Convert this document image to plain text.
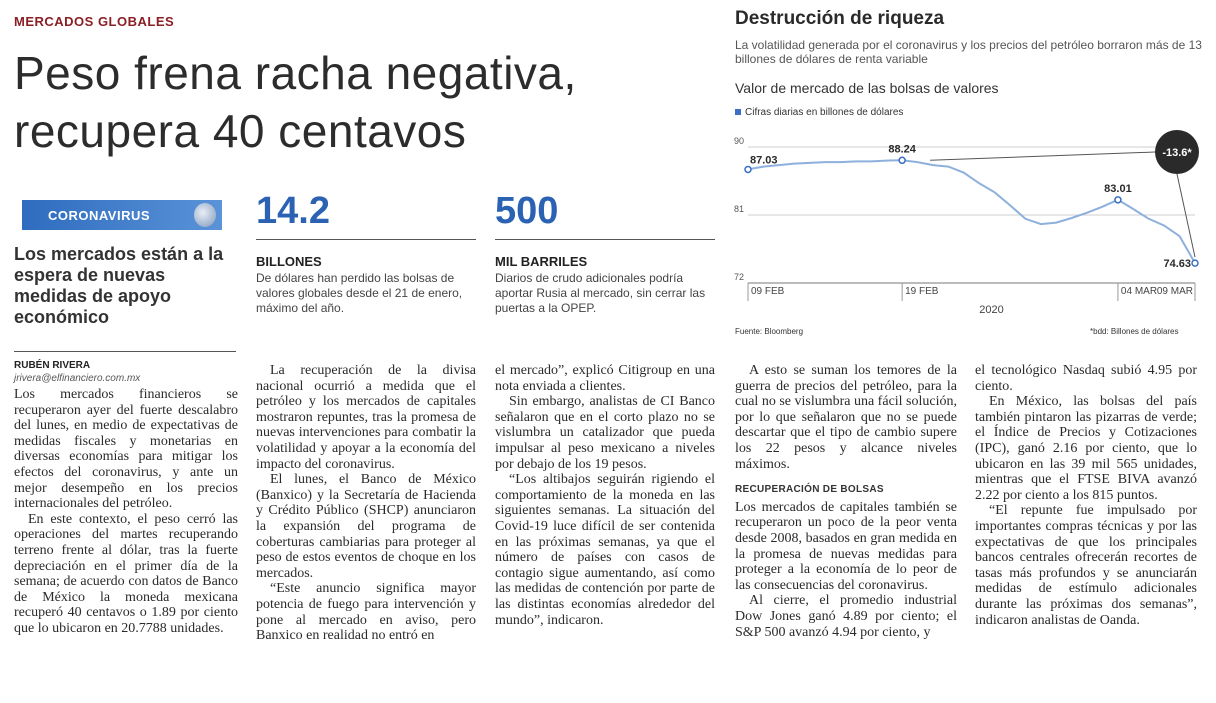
MERCADOS GLOBALES
Peso frena racha negativa,
recupera 40 centavos
CORONAVIRUS
Los mercados están a la espera de nuevas medidas de apoyo económico
14.2
BILLONES
De dólares han perdido las bolsas de valores globales desde el 21 de enero, máximo del año.
500
MIL BARRILES
Diarios de crudo adicionales podría aportar Rusia al mercado, sin cerrar las puertas a la OPEP.
RUBÉN RIVERA
jrivera@elfinanciero.com.mx

Los mercados financieros se recuperaron ayer del fuerte descalabro del lunes, en medio de expectativas de medidas fiscales y monetarias en diversas economías para mitigar los efectos del coronavirus, y ante un mejor desempeño en los precios internacionales del petróleo.

En este contexto, el peso cerró las operaciones del martes recuperando terreno frente al dólar, tras la fuerte depreciación en el primer día de la semana; de acuerdo con datos de Banco de México la moneda mexicana recuperó 40 centavos o 1.89 por ciento que lo ubicaron en 20.7788 unidades.

La recuperación de la divisa nacional ocurrió a medida que el petróleo y los mercados de capitales mostraron repuntes, tras la promesa de nuevas intervenciones para combatir la volatilidad y apoyar a la economía del impacto del coronavirus.

El lunes, el Banco de México (Banxico) y la Secretaría de Hacienda y Crédito Público (SHCP) anunciaron la expansión del programa de coberturas cambiarias para proteger al peso de estos eventos de choque en los mercados.

“Este anuncio significa mayor potencia de fuego para intervención y pone al mercado en aviso, pero Banxico en realidad no entró en

el mercado”, explicó Citigroup en una nota enviada a clientes.

Sin embargo, analistas de CI Banco señalaron que en el corto plazo no se vislumbra un catalizador que pueda impulsar al peso mexicano a niveles por debajo de los 19 pesos.

“Los altibajos seguirán rigiendo el comportamiento de la moneda en las siguientes semanas. La situación del Covid-19 luce difícil de ser contenida en las próximas semanas, ya que el número de países con casos de contagio sigue aumentando, así como las medidas de contención por parte de las distintas economías alrededor del mundo”, indicaron.

A esto se suman los temores de la guerra de precios del petróleo, para la cual no se vislumbra una fácil solución, por lo que señalaron que no se puede descartar que el tipo de cambio supere los 22 pesos y alcance niveles máximos.

RECUPERACIÓN DE BOLSAS

Los mercados de capitales también se recuperaron un poco de la peor venta desde 2008, basados en gran medida en la promesa de nuevas medidas para proteger a la economía de lo peor de las consecuencias del coronavirus.

Al cierre, el promedio industrial Dow Jones ganó 4.89 por ciento; el S&P 500 avanzó 4.94 por ciento, y

el tecnológico Nasdaq subió 4.95 por ciento.

En México, las bolsas del país también pintaron las pizarras de verde; el Índice de Precios y Cotizaciones (IPC), ganó 2.16 por ciento, que lo ubicaron en las 39 mil 565 unidades, mientras que el FTSE BIVA avanzó 2.22 por ciento a los 815 puntos.

“El repunte fue impulsado por importantes compras técnicas y por las expectativas de que los principales bancos centrales ofrecerán recortes de tasas más profundos y se anunciarán medidas de estímulo adicionales durante las próximas dos semanas”, indicaron analistas de Oanda.

Destrucción de riqueza
La volatilidad generada por el coronavirus y los precios del petróleo borraron más de 13 billones de dólares de renta variable
Valor de mercado de las bolsas de valores
Cifras diarias en billones de dólares
90
81
72
09 FEB	19 FEB	04 MAR 09 MAR
87.03
88.24
83.01
74.63
-13.6*
2020
Fuente: Bloomberg	*bdd: Billones de dólares
